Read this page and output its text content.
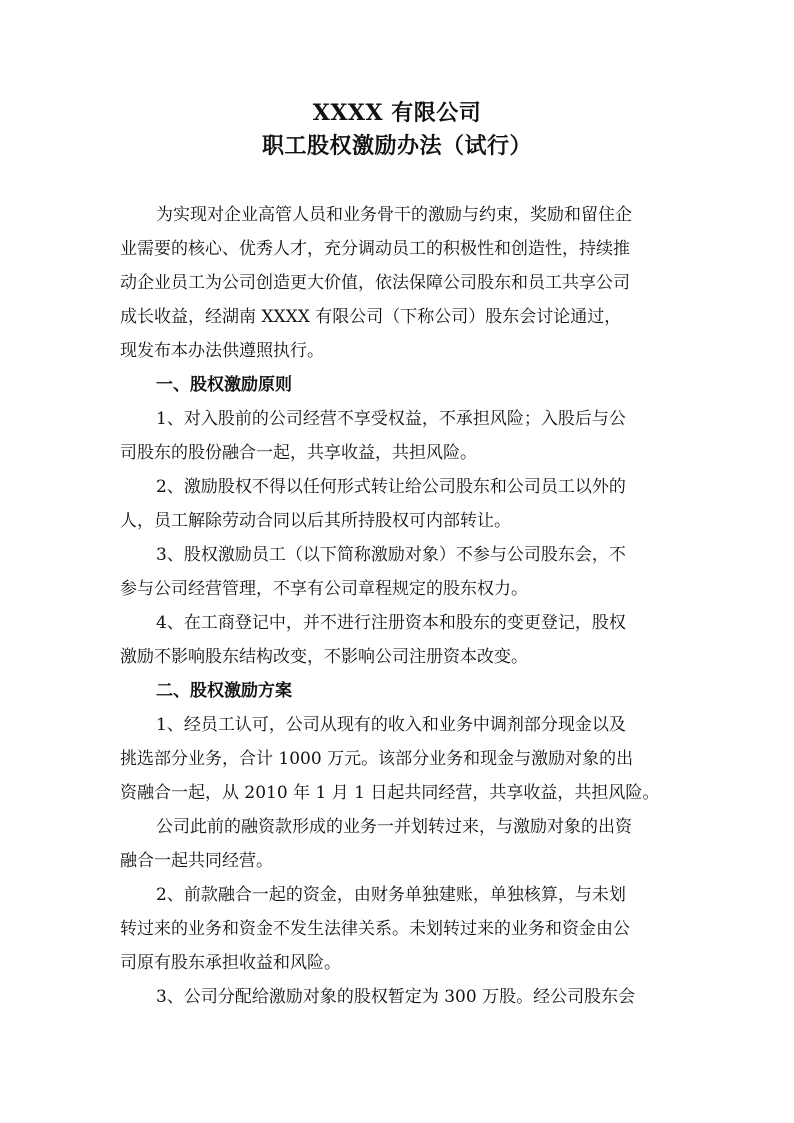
XXXX 有限公司
职工股权激励办法（试行）
为实现对企业高管人员和业务骨干的激励与约束，奖励和留住企
业需要的核心、优秀人才，充分调动员工的积极性和创造性，持续推
动企业员工为公司创造更大价值，依法保障公司股东和员工共享公司
成长收益，经湖南 XXXX 有限公司（下称公司）股东会讨论通过，
现发布本办法供遵照执行。
一、股权激励原则
1、对入股前的公司经营不享受权益，不承担风险；入股后与公
司股东的股份融合一起，共享收益，共担风险。
2、激励股权不得以任何形式转让给公司股东和公司员工以外的
人，员工解除劳动合同以后其所持股权可内部转让。
3、股权激励员工（以下简称激励对象）不参与公司股东会，不
参与公司经营管理，不享有公司章程规定的股东权力。
4、在工商登记中，并不进行注册资本和股东的变更登记，股权
激励不影响股东结构改变，不影响公司注册资本改变。
二、股权激励方案
1、经员工认可，公司从现有的收入和业务中调剂部分现金以及
挑选部分业务，合计 1000 万元。该部分业务和现金与激励对象的出
资融合一起，从 2010 年 1 月 1 日起共同经营，共享收益，共担风险。
公司此前的融资款形成的业务一并划转过来，与激励对象的出资
融合一起共同经营。
2、前款融合一起的资金，由财务单独建账，单独核算，与未划
转过来的业务和资金不发生法律关系。未划转过来的业务和资金由公
司原有股东承担收益和风险。
3、公司分配给激励对象的股权暂定为 300 万股。经公司股东会
